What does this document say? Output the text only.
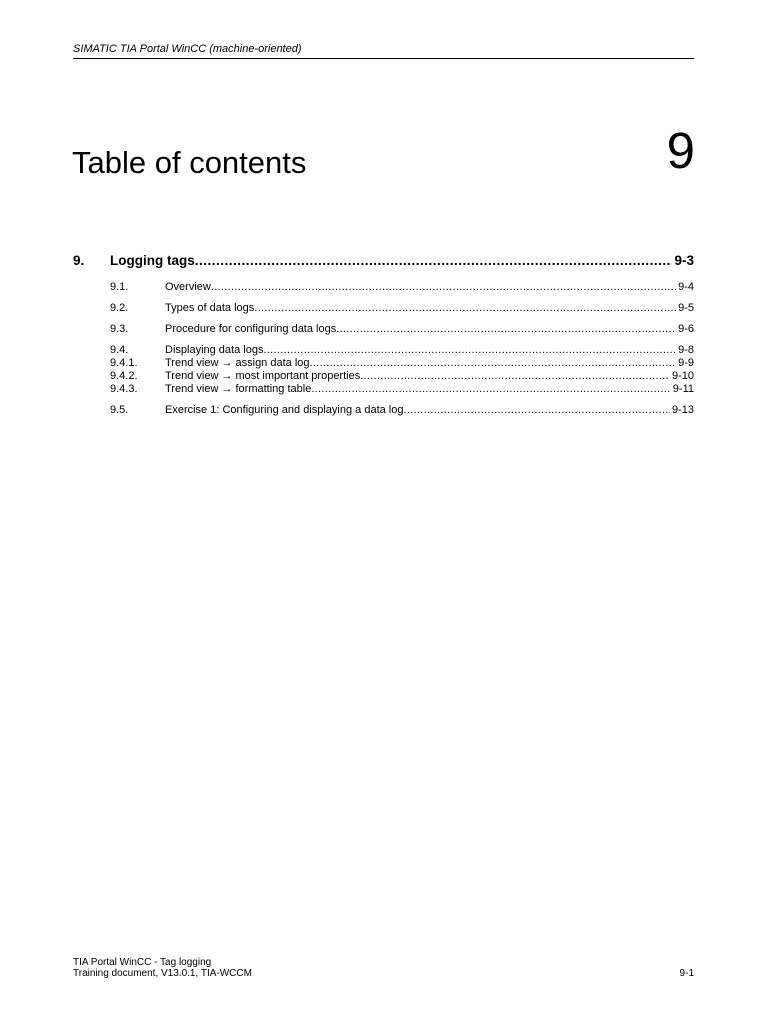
SIMATIC TIA Portal WinCC (machine-oriented)
Table of contents	9
9.	Logging tags .....	9-3
9.1.	Overview .....	9-4
9.2.	Types of data logs .....	9-5
9.3.	Procedure for configuring data logs .....	9-6
9.4.	Displaying data logs .....	9-8
9.4.1.	Trend view → assign data log .....	9-9
9.4.2.	Trend view → most important properties .....	9-10
9.4.3.	Trend view → formatting table .....	9-11
9.5.	Exercise 1: Configuring and displaying a data log .....	9-13
TIA Portal WinCC - Tag logging
Training document, V13.0.1, TIA-WCCM	9-1
